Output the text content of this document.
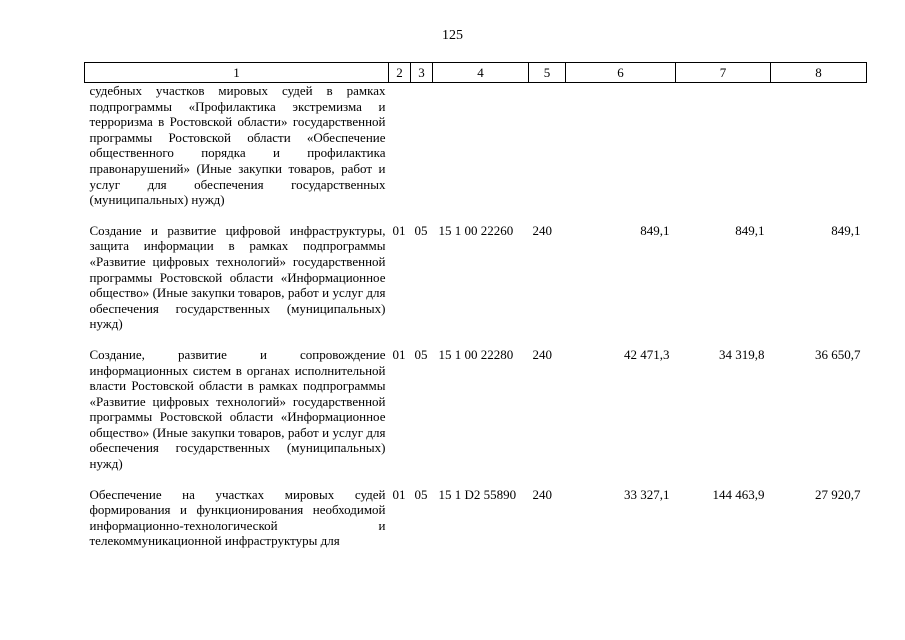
125
1	2	3	4	5	6	7	8
судебных участков мировых судей в рамках подпрограммы «Профилактика экстремизма и терроризма в Ростовской области» государственной программы Ростовской области «Обеспечение общественного порядка и профилактика правонарушений» (Иные закупки товаров, работ и услуг для обеспечения государственных (муниципальных) нужд)							
Создание и развитие цифровой инфраструктуры, защита информации в рамках подпрограммы «Развитие цифровых технологий» государственной программы Ростовской области «Информационное общество» (Иные закупки товаров, работ и услуг для обеспечения государственных (муниципальных) нужд)	01	05	15 1 00 22260	240	849,1	849,1	849,1
Создание, развитие и сопровождение информационных систем в органах исполнительной власти Ростовской области в рамках подпрограммы «Развитие цифровых технологий» государственной программы Ростовской области «Информационное общество» (Иные закупки товаров, работ и услуг для обеспечения государственных (муниципальных) нужд)	01	05	15 1 00 22280	240	42 471,3	34 319,8	36 650,7
Обеспечение на участках мировых судей формирования и функционирования необходимой информационно-технологической и телекоммуникационной инфраструктуры для	01	05	15 1 D2 55890	240	33 327,1	144 463,9	27 920,7
